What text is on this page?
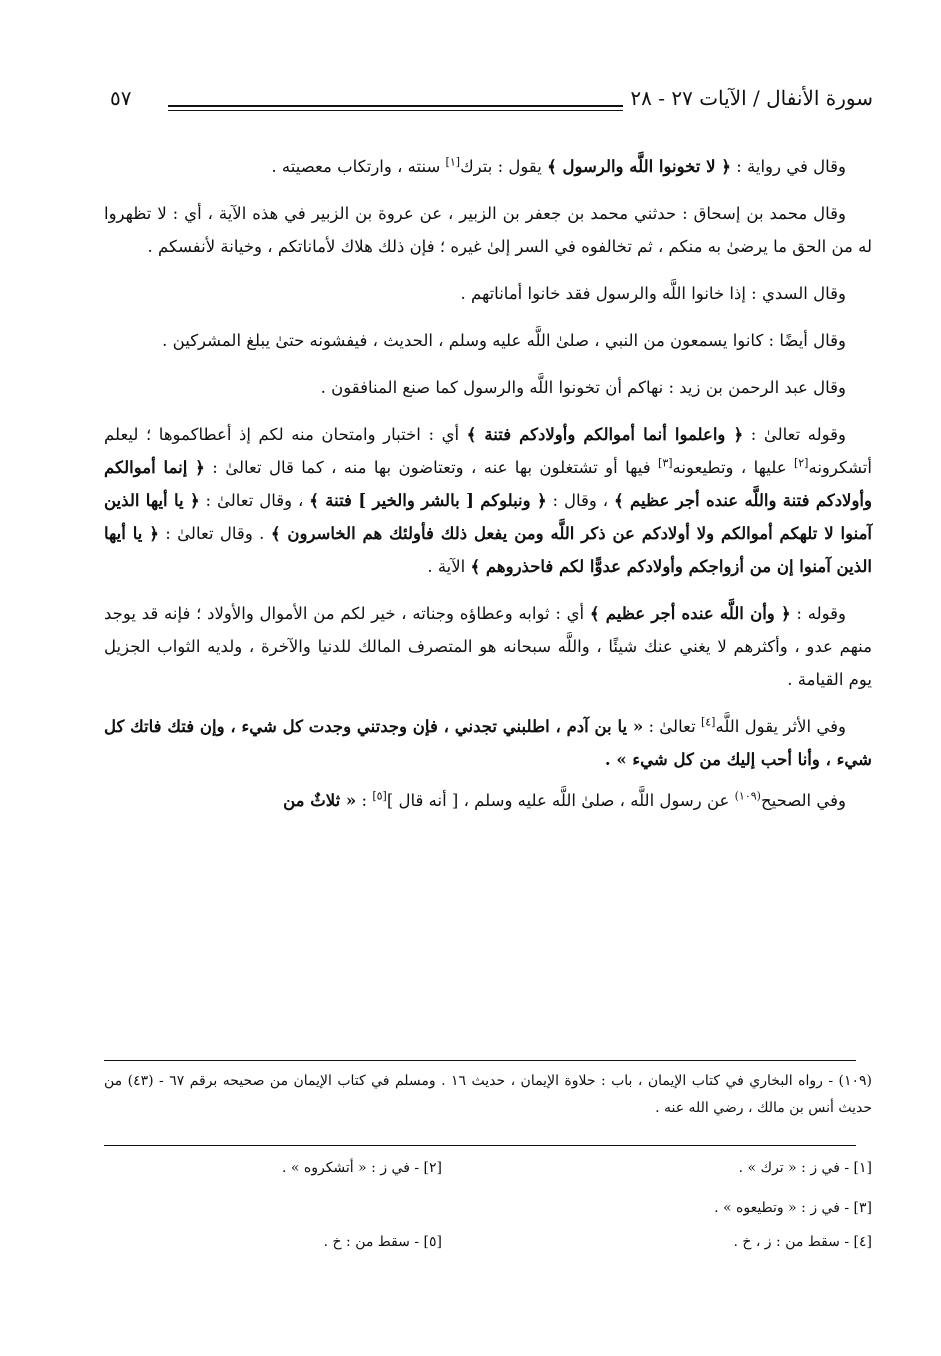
سورة الأنفال / الآيات ٢٧ - ٢٨
٥٧

وقال في رواية : ﴿ لا تخونوا اللَّه والرسول ﴾ يقول : بترك[١] سنته ، وارتكاب معصيته .

وقال محمد بن إسحاق : حدثني محمد بن جعفر بن الزبير ، عن عروة بن الزبير في هذه الآية ، أي : لا تظهروا له من الحق ما يرضىٰ به منكم ، ثم تخالفوه في السر إلىٰ غيره ؛ فإن ذلك هلاك لأماناتكم ، وخيانة لأنفسكم .

وقال السدي : إذا خانوا اللَّه والرسول فقد خانوا أماناتهم .

وقال أيضًا : كانوا يسمعون من النبي ، صلىٰ اللَّه عليه وسلم ، الحديث ، فيفشونه حتىٰ يبلغ المشركين .

وقال عبد الرحمن بن زيد : نهاكم أن تخونوا اللَّه والرسول كما صنع المنافقون .

وقوله تعالىٰ : ﴿ واعلموا أنما أموالكم وأولادكم فتنة ﴾ أي : اختبار وامتحان منه لكم إذ أعطاكموها ؛ ليعلم أتشكرونه[٢] عليها ، وتطيعونه[٣] فيها أو تشتغلون بها عنه ، وتعتاضون بها منه ، كما قال تعالىٰ : ﴿ إنما أموالكم وأولادكم فتنة واللَّه عنده أجر عظيم ﴾ ، وقال : ﴿ ونبلوكم [ بالشر والخير ] فتنة ﴾ ، وقال تعالىٰ : ﴿ يا أيها الذين آمنوا لا تلهكم أموالكم ولا أولادكم عن ذكر اللَّه ومن يفعل ذلك فأولئك هم الخاسرون ﴾ . وقال تعالىٰ : ﴿ يا أيها الذين آمنوا إن من أزواجكم وأولادكم عدوًّا لكم فاحذروهم ﴾ الآية .

وقوله : ﴿ وأن اللَّه عنده أجر عظيم ﴾ أي : ثوابه وعطاؤه وجناته ، خير لكم من الأموال والأولاد ؛ فإنه قد يوجد منهم عدو ، وأكثرهم لا يغني عنك شيئًا ، واللَّه سبحانه هو المتصرف المالك للدنيا والآخرة ، ولديه الثواب الجزيل يوم القيامة .

وفي الأثر يقول اللَّه[٤] تعالىٰ : « يا بن آدم ، اطلبني تجدني ، فإن وجدتني وجدت كل شيء ، وإن فتك فاتك كل شيء ، وأنا أحب إليك من كل شيء » .

وفي الصحيح$^{(١٠٩)}$ عن رسول اللَّه ، صلىٰ اللَّه عليه وسلم ، [ أنه قال ][٥] : « ثلاثٌ من

(١٠٩) - رواه البخاري في كتاب الإيمان ، باب : حلاوة الإيمان ، حديث ١٦ . ومسلم في كتاب الإيمان من صحيحه برقم ٦٧ - (٤٣) من حديث أنس بن مالك ، رضي الله عنه .
[١] - في ز : « ترك » .
[٢] - في ز : « أتشكروه » .
[٣] - في ز : « وتطيعوه » .
[٤] - سقط من : ز ، خ .
[٥] - سقط من : خ .
